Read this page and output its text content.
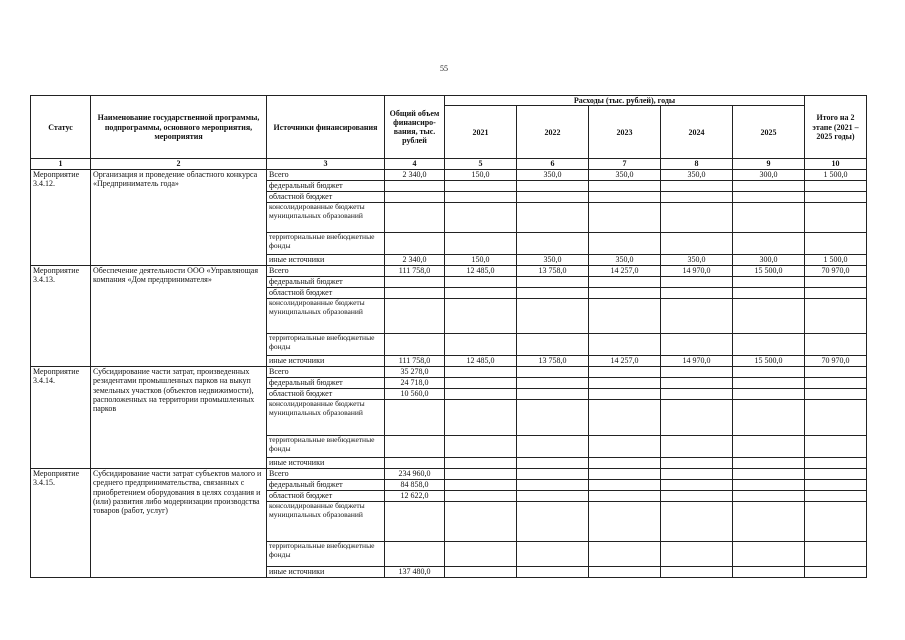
55
Статус	Наименование государственной программы, подпрограммы, основного мероприятия, мероприятия	Источники финансирования	Общий объем финансиро-вания, тыс. рублей	Расходы (тыс. рублей), годы					Итого на 2 этапе (2021 – 2025 годы)
				2021	2022	2023	2024	2025	
1	2	3	4	5	6	7	8	9	10
Мероприятие 3.4.12.	Организация и проведение областного конкурса «Предприниматель года»	Всего	2 340,0	150,0	350,0	350,0	350,0	300,0	1 500,0
		федеральный бюджет							
		областной бюджет							
		консолидированные бюджеты муниципальных образований							
		территориальные внебюджетные фонды							
		иные источники	2 340,0	150,0	350,0	350,0	350,0	300,0	1 500,0
Мероприятие 3.4.13.	Обеспечение деятельности ООО «Управляющая компания «Дом предпринимателя»	Всего	111 758,0	12 485,0	13 758,0	14 257,0	14 970,0	15 500,0	70 970,0
		федеральный бюджет							
		областной бюджет							
		консолидированные бюджеты муниципальных образований							
		территориальные внебюджетные фонды							
		иные источники	111 758,0	12 485,0	13 758,0	14 257,0	14 970,0	15 500,0	70 970,0
Мероприятие 3.4.14.	Субсидирование части затрат, произведенных резидентами промышленных парков на выкуп земельных участков (объектов недвижимости), расположенных на территории промышленных парков	Всего	35 278,0						
		федеральный бюджет	24 718,0						
		областной бюджет	10 560,0						
		консолидированные бюджеты муниципальных образований							
		территориальные внебюджетные фонды							
		иные источники							
Мероприятие 3.4.15.	Субсидирование части затрат субъектов малого и среднего предпринимательства, связанных с приобретением оборудования в целях создания и (или) развития либо модернизации производства товаров (работ, услуг)	Всего	234 960,0						
		федеральный бюджет	84 858,0						
		областной бюджет	12 622,0						
		консолидированные бюджеты муниципальных образований							
		территориальные внебюджетные фонды							
		иные источники	137 480,0						
